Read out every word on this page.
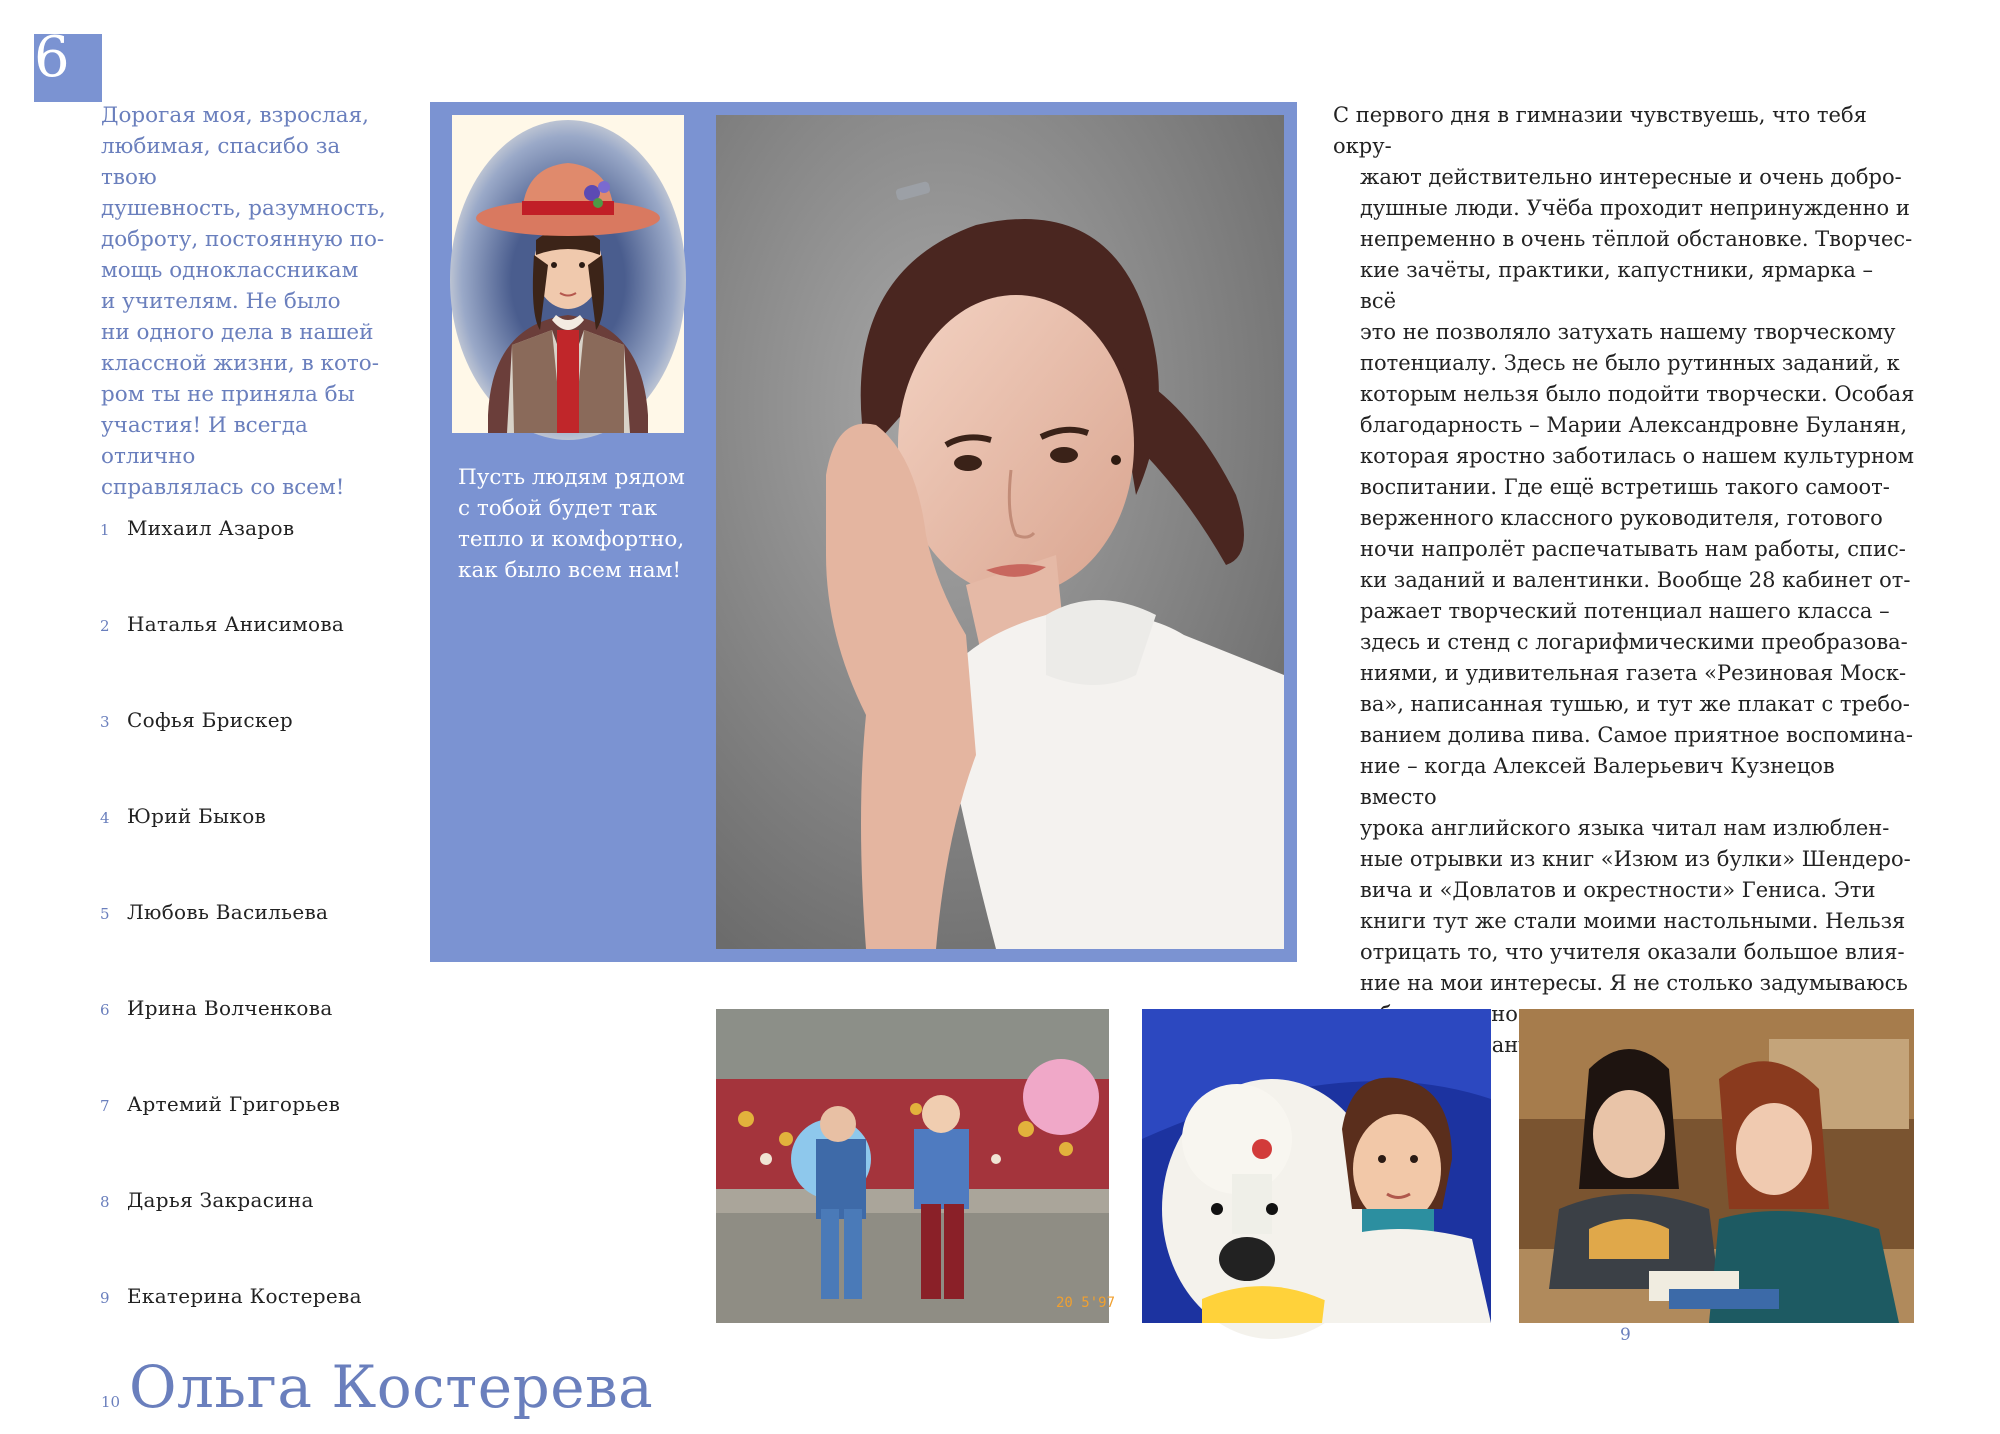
6
Дорогая моя, взрослая,
любимая, спасибо за твою
душевность, разумность,
доброту, постоянную по-
мощь одноклассникам
и учителям. Не было
ни одного дела в нашей
классной жизни, в кото-
ром ты не приняла бы
участия! И всегда отлично
справлялась со всем!
1 Михаил Азаров
2 Наталья Анисимова
3 Софья Брискер
4 Юрий Быков
5 Любовь Васильева
6 Ирина Волченкова
7 Артемий Григорьев
8 Дарья Закрасина
9 Екатерина Костерева
10 Ольга Костерева
Пусть людям рядом
с тобой будет так
тепло и комфортно,
как было всем нам!
С первого дня в гимназии чувствуешь, что тебя окру-
жают действительно интересные и очень добро-
душные люди. Учёба проходит непринужденно и
непременно в очень тёплой обстановке. Творчес-
кие зачёты, практики, капустники, ярмарка – всё
это не позволяло затухать нашему творческому
потенциалу. Здесь не было рутинных заданий, к
которым нельзя было подойти творчески. Особая
благодарность – Марии Александровне Буланян,
которая яростно заботилась о нашем культурном
воспитании. Где ещё встретишь такого самоот-
верженного классного руководителя, готового
ночи напролёт распечатывать нам работы, спис-
ки заданий и валентинки. Вообще 28 кабинет от-
ражает творческий потенциал нашего класса –
здесь и стенд с логарифмическими преобразова-
ниями, и удивительная газета «Резиновая Моск-
ва», написанная тушью, и тут же плакат с требо-
ванием долива пива. Самое приятное воспомина-
ние – когда Алексей Валерьевич Кузнецов вместо
урока английского языка читал нам излюблен-
ные отрывки из книг «Изюм из булки» Шендеро-
вича и «Довлатов и окрестности» Гениса. Эти
книги тут же стали моими настольными. Нельзя
отрицать то, что учителя оказали большое влия-
ние на мои интересы. Я не столько задумываюсь
но
останутся
20 5'97
9
